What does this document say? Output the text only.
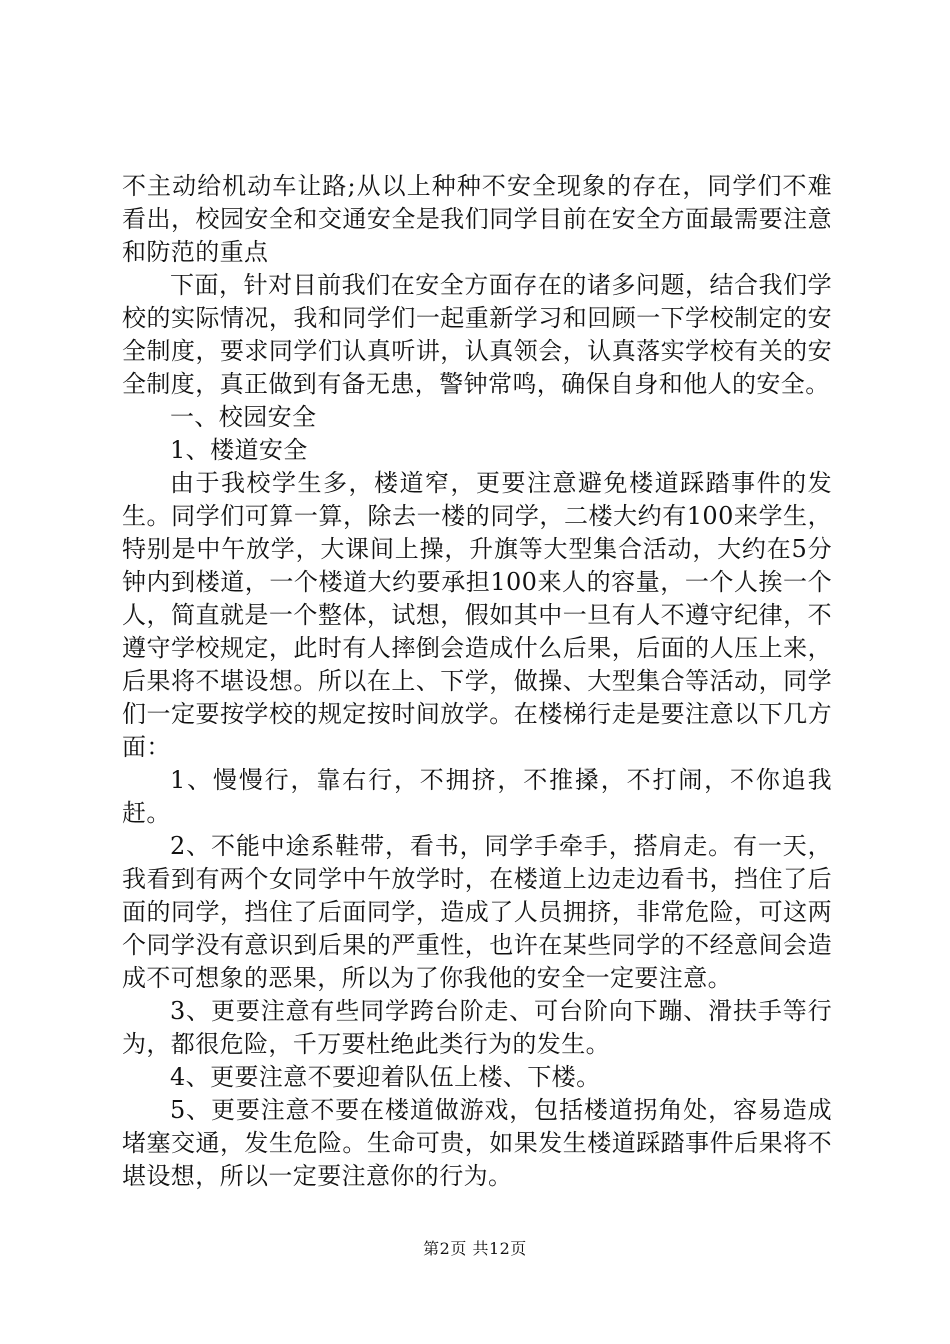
不主动给机动车让路;从以上种种不安全现象的存在，同学们不难看出，校园安全和交通安全是我们同学目前在安全方面最需要注意和防范的重点

下面，针对目前我们在安全方面存在的诸多问题，结合我们学校的实际情况，我和同学们一起重新学习和回顾一下学校制定的安全制度，要求同学们认真听讲，认真领会，认真落实学校有关的安全制度，真正做到有备无患，警钟常鸣，确保自身和他人的安全。

一、校园安全

1、楼道安全

由于我校学生多，楼道窄，更要注意避免楼道踩踏事件的发生。同学们可算一算，除去一楼的同学，二楼大约有100来学生，特别是中午放学，大课间上操，升旗等大型集合活动，大约在5分钟内到楼道，一个楼道大约要承担100来人的容量，一个人挨一个人，简直就是一个整体，试想，假如其中一旦有人不遵守纪律，不遵守学校规定，此时有人摔倒会造成什么后果，后面的人压上来，后果将不堪设想。所以在上、下学，做操、大型集合等活动，同学们一定要按学校的规定按时间放学。在楼梯行走是要注意以下几方面：

1、慢慢行，靠右行，不拥挤，不推搡，不打闹，不你追我赶。

2、不能中途系鞋带，看书，同学手牵手，搭肩走。有一天，我看到有两个女同学中午放学时，在楼道上边走边看书，挡住了后面的同学，挡住了后面同学，造成了人员拥挤，非常危险，可这两个同学没有意识到后果的严重性，也许在某些同学的不经意间会造成不可想象的恶果，所以为了你我他的安全一定要注意。

3、更要注意有些同学跨台阶走、可台阶向下蹦、滑扶手等行为，都很危险，千万要杜绝此类行为的发生。

4、更要注意不要迎着队伍上楼、下楼。

5、更要注意不要在楼道做游戏，包括楼道拐角处，容易造成堵塞交通，发生危险。生命可贵，如果发生楼道踩踏事件后果将不堪设想，所以一定要注意你的行为。

第2页 共12页
